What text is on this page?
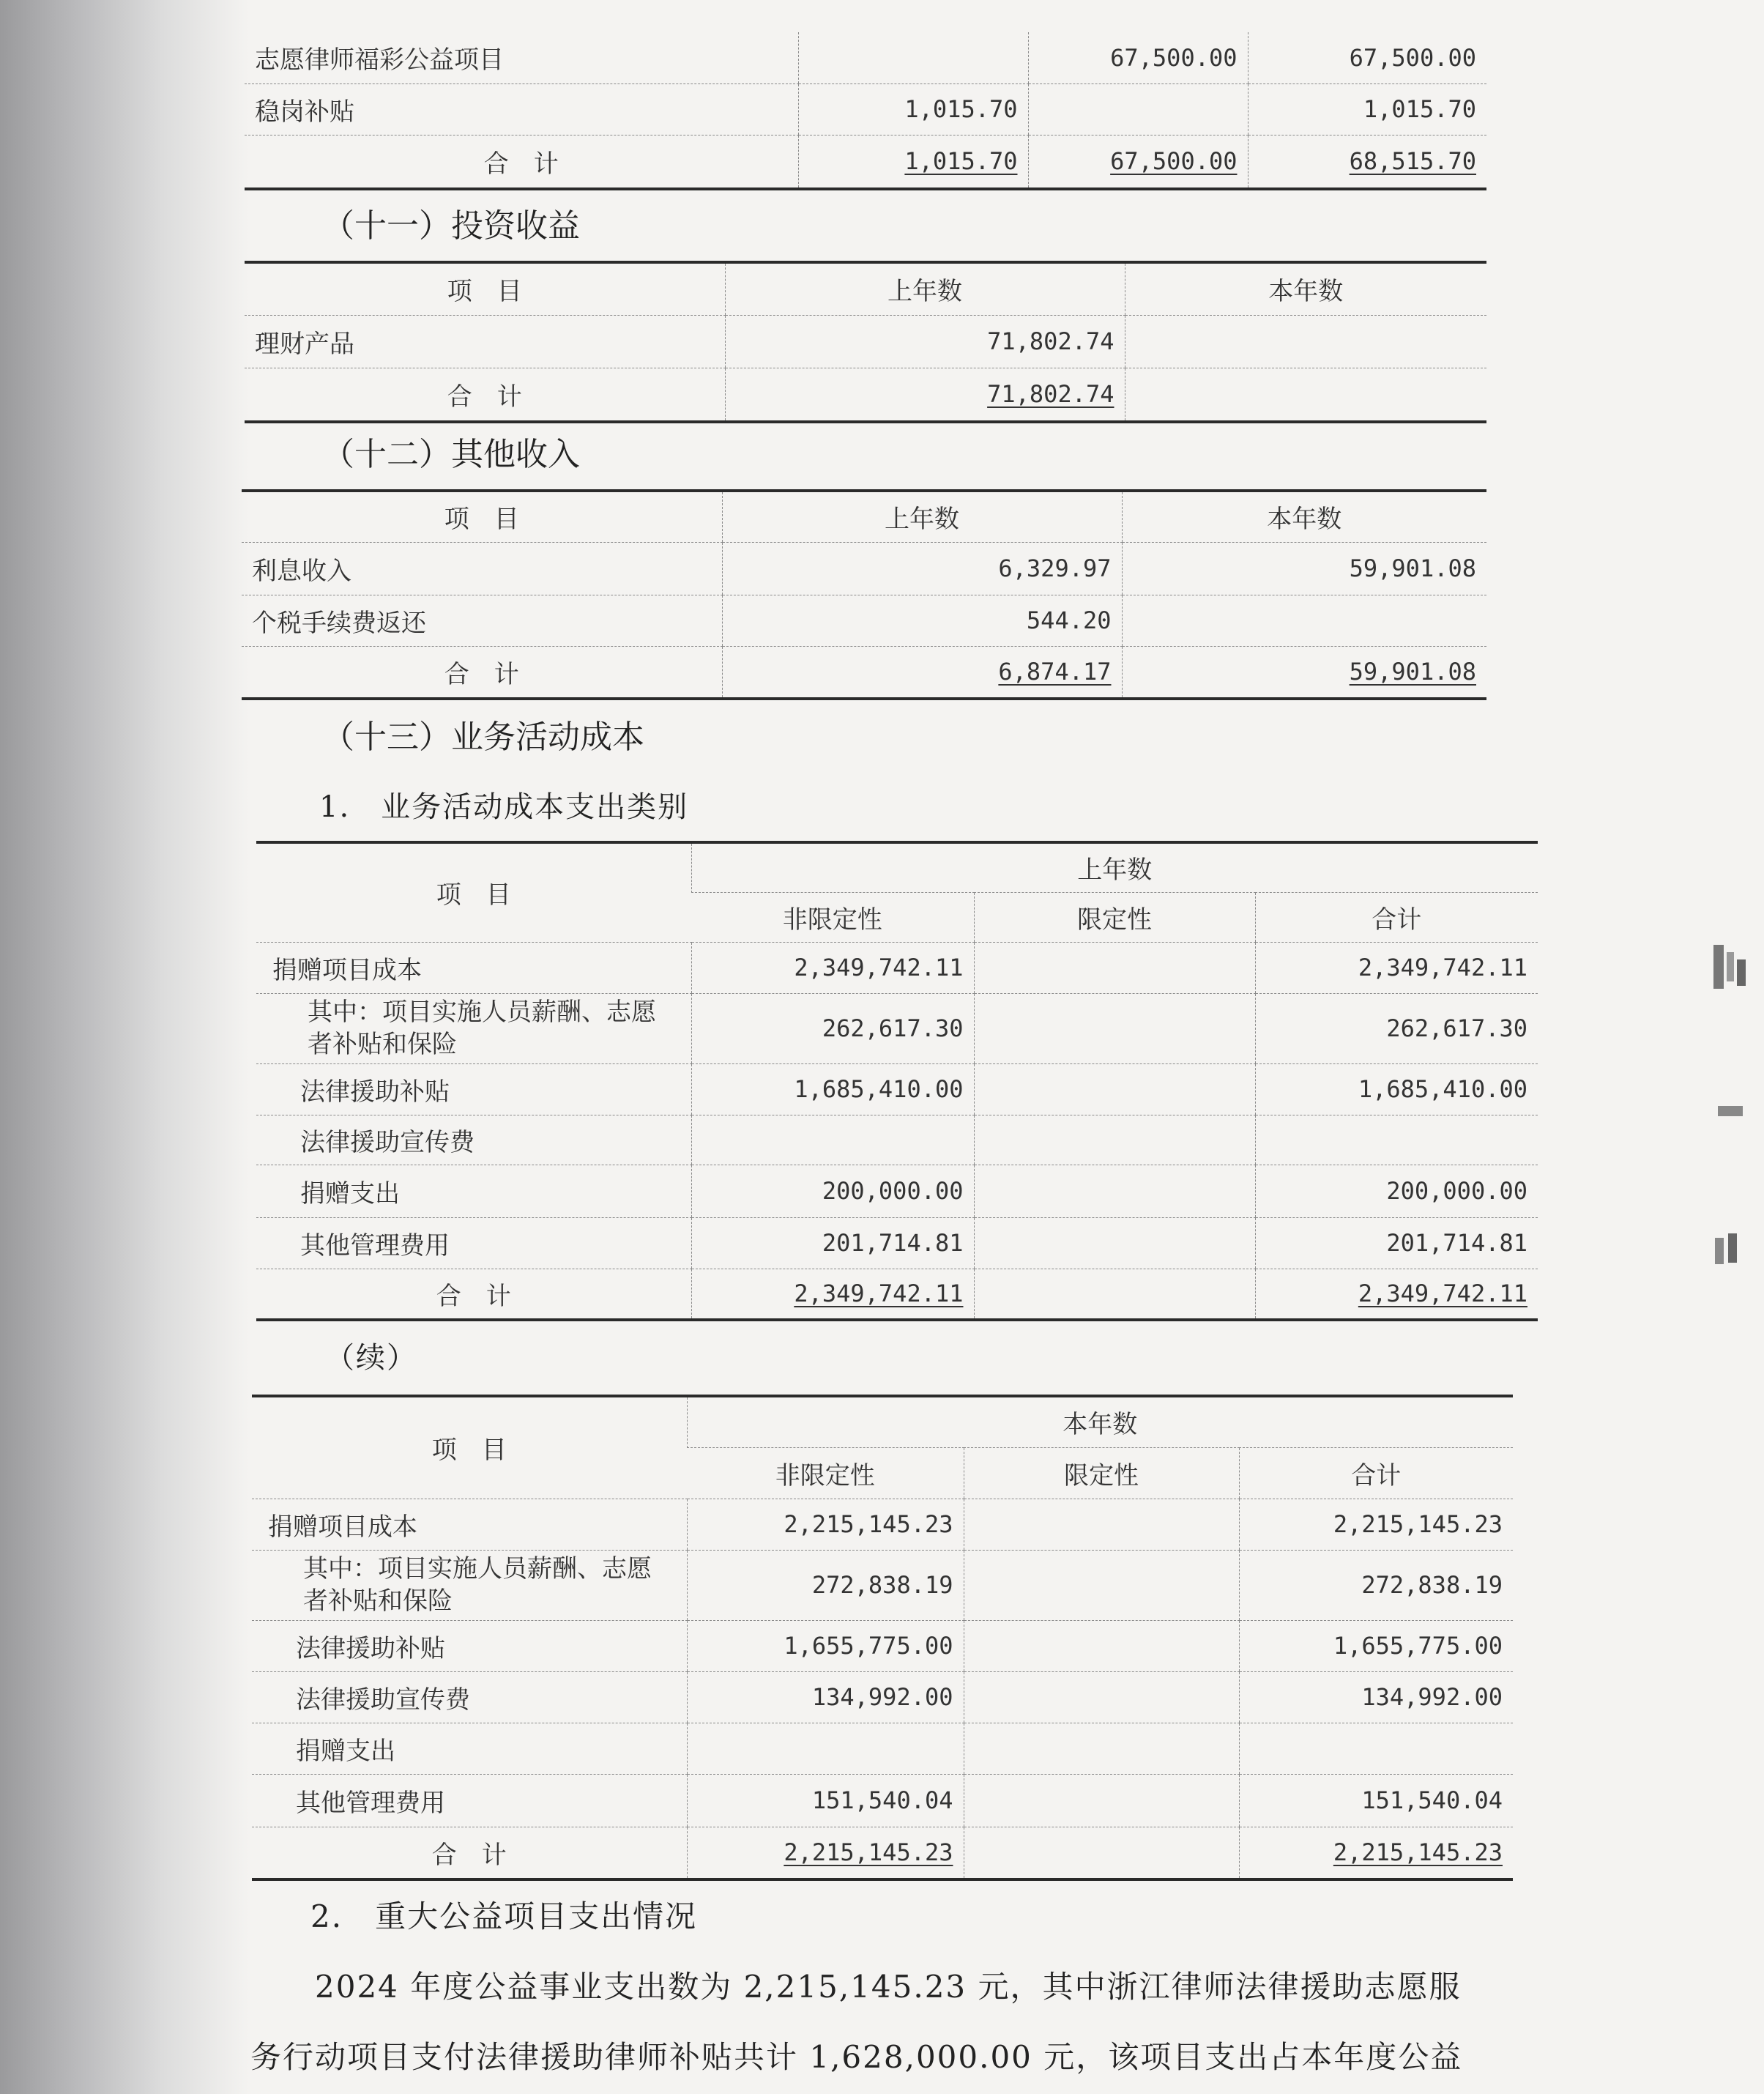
志愿律师福彩公益项目		67,500.00	67,500.00
稳岗补贴	1,015.70		1,015.70
合　计	1,015.70	67,500.00	68,515.70
（十一）投资收益
项　目	上年数	本年数
理财产品	71,802.74	
合　计	71,802.74	
（十二）其他收入
项　目	上年数	本年数
利息收入	6,329.97	59,901.08
个税手续费返还	544.20	
合　计	6,874.17	59,901.08
（十三）业务活动成本
1.　业务活动成本支出类别
项　目	上年数		
	非限定性	限定性	合计
捐赠项目成本	2,349,742.11		2,349,742.11
其中：项目实施人员薪酬、志愿者补贴和保险	262,617.30		262,617.30
法律援助补贴	1,685,410.00		1,685,410.00
法律援助宣传费			
捐赠支出	200,000.00		200,000.00
其他管理费用	201,714.81		201,714.81
合　计	2,349,742.11		2,349,742.11
（续）
项　目	本年数		
	非限定性	限定性	合计
捐赠项目成本	2,215,145.23		2,215,145.23
其中：项目实施人员薪酬、志愿者补贴和保险	272,838.19		272,838.19
法律援助补贴	1,655,775.00		1,655,775.00
法律援助宣传费	134,992.00		134,992.00
捐赠支出			
其他管理费用	151,540.04		151,540.04
合　计	2,215,145.23		2,215,145.23
2.　重大公益项目支出情况
2024 年度公益事业支出数为 2,215,145.23 元，其中浙江律师法律援助志愿服
务行动项目支付法律援助律师补贴共计 1,628,000.00 元，该项目支出占本年度公益
